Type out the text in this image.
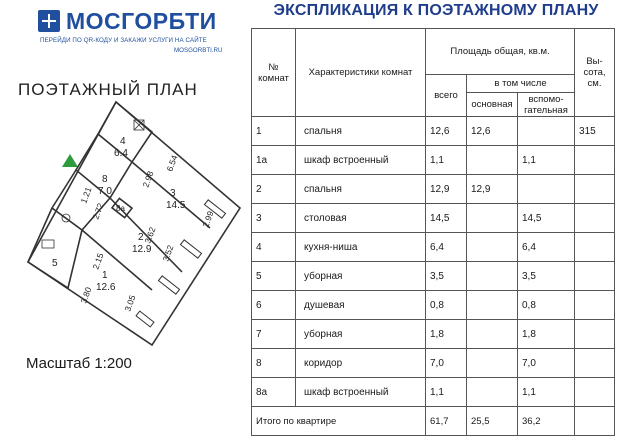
МОСГОРБТИ
ПЕРЕЙДИ ПО QR-КОДУ И ЗАКАЖИ УСЛУГИ НА САЙТЕ
MOSGORBTI.RU
ПОЭТАЖНЫЙ ПЛАН
4
6.4
3
14.5
8
7.0
8а
2
12.9
1
12.6
5
6.54
2.98
2.99
2.72
3.62
3.52
1.21
2.15
3.80	3.05
Масштаб 1:200
ЭКСПЛИКАЦИЯ К ПОЭТАЖНОМУ ПЛАНУ
№ комнат	Характеристики комнат	Площадь общая, кв.м.			Вы-сота, см.
		всего	в том числе		
			основная	вспомо-гательная	
1	спальня	12,6	12,6		315
1а	шкаф встроенный	1,1		1,1	
2	спальня	12,9	12,9		
3	столовая	14,5		14,5	
4	кухня-ниша	6,4		6,4	
5	уборная	3,5		3,5	
6	душевая	0,8		0,8	
7	уборная	1,8		1,8	
8	коридор	7,0		7,0	
8а	шкаф встроенный	1,1		1,1	
Итого по квартире		61,7	25,5	36,2	
